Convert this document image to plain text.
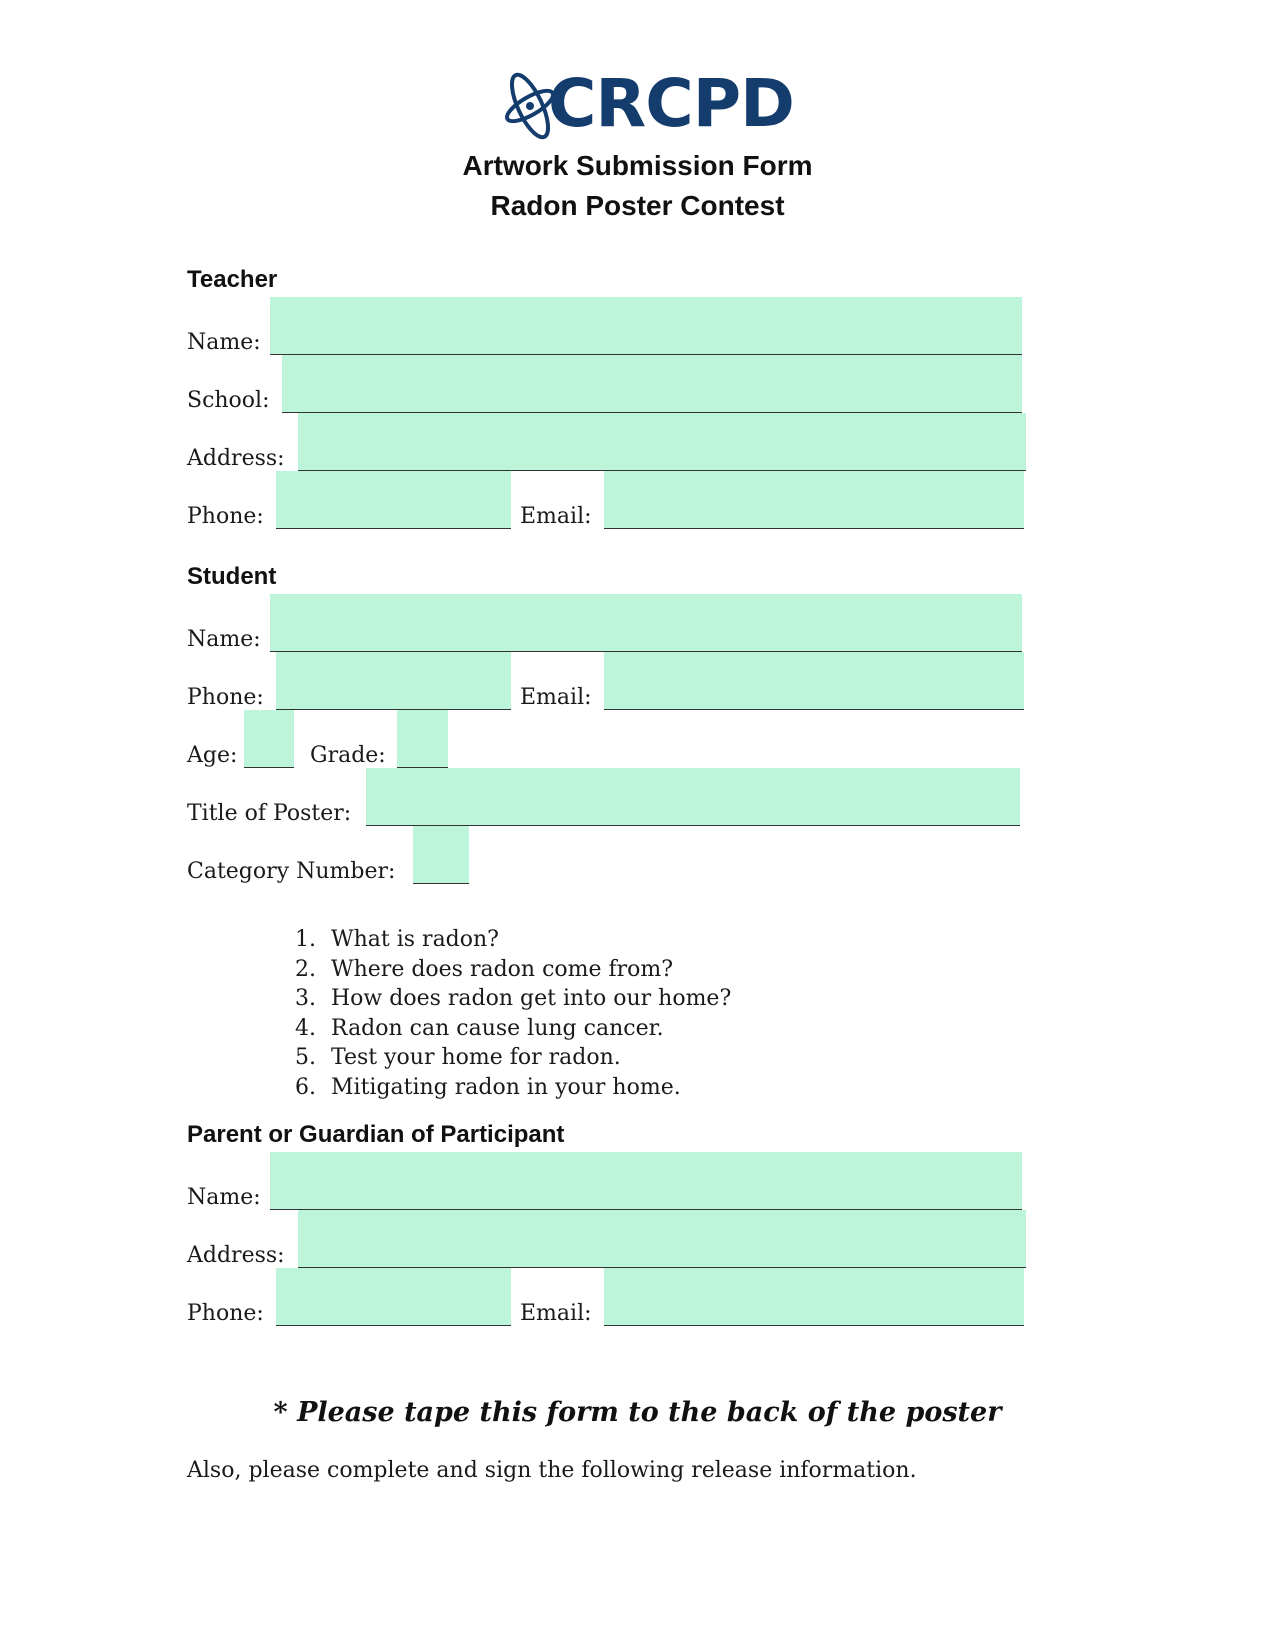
CRCPD
Artwork Submission Form
Radon Poster Contest
Teacher
Name:
School:
Address:
Phone:	Email:
Student
Name:
Phone:	Email:
Age:	Grade:
Title of Poster:
Category Number:
1. What is radon?
2. Where does radon come from?
3. How does radon get into our home?
4. Radon can cause lung cancer.
5. Test your home for radon.
6. Mitigating radon in your home.
Parent or Guardian of Participant
Name:
Address:
Phone:	Email:
* Please tape this form to the back of the poster
Also, please complete and sign the following release information.
